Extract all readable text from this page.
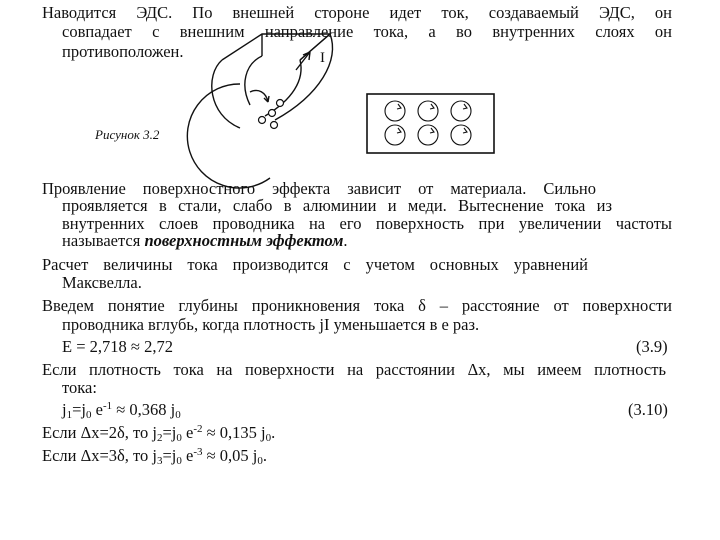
Наводится ЭДС. По внешней стороне идет ток, создаваемый ЭДС, он
совпадает с внешним направление тока, а во внутренних слоях он
противоположен.	I
Рисунок 3.2
Проявление поверхностного эффекта зависит от материала. Сильно
проявляется в стали, слабо в алюминии и меди. Вытеснение тока из
внутренних слоев проводника на его поверхность при увеличении частоты
называется поверхностным эффектом.
Расчет величины тока производится с учетом основных уравнений
Максвелла.
Введем понятие глубины проникновения тока δ – расстояние от поверхности
проводника вглубь, когда плотность jI уменьшается в е раз.
E = 2,718 ≈ 2,72	(3.9)
Если плотность тока на поверхности на расстоянии Δx, мы имеем плотность
тока:
$j_1=j_0$ $e^{-1} \approx 0,368$ $j_0$	(3.10)
Если Δx=2δ, то $j_2=j_0$ $e^{-2} \approx 0,135$ $j_0$.
Если Δx=3δ, то $j_3=j_0$ $e^{-3} \approx 0,05$ $j_0$.
